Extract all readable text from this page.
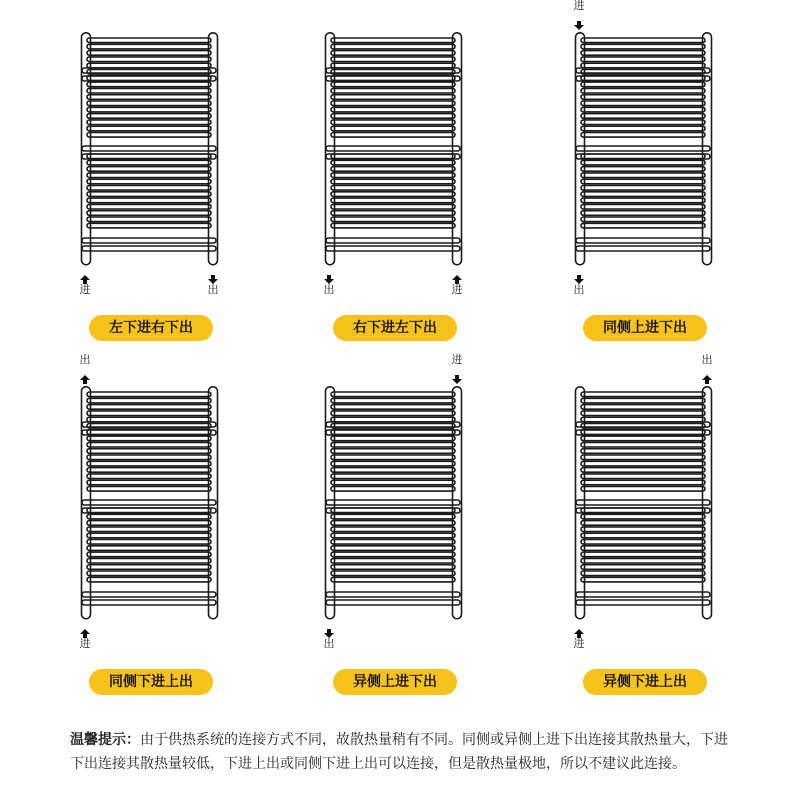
进	出
左下进右下出
出	进
右下进左下出
进
出
同侧上进下出
出
进
同侧下进上出
出
进
异侧上进下出
进
出
异侧下进上出
温馨提示：由于供热系统的连接方式不同，故散热量稍有不同。同侧或异侧上进下出连接其散热量大，下进下出连接其散热量较低，下进上出或同侧下进上出可以连接，但是散热量极地，所以不建议此连接。
